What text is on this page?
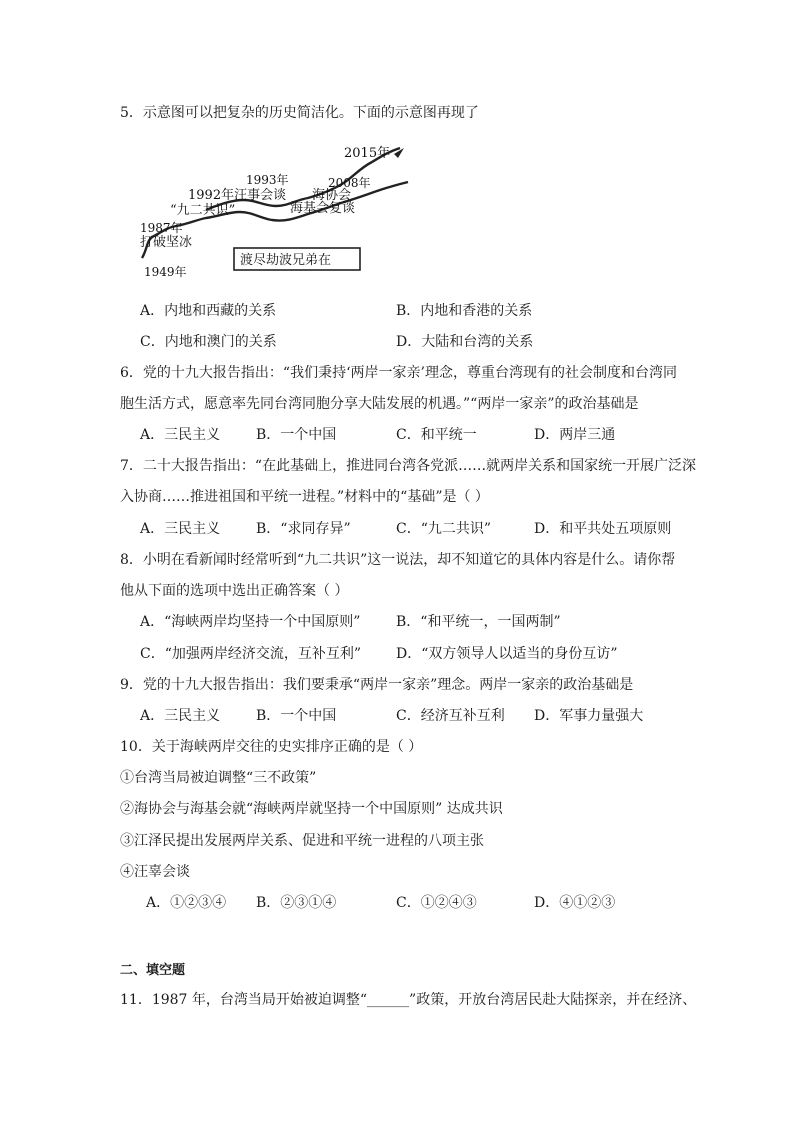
5．示意图可以把复杂的历史简洁化。下面的示意图再现了
2015年
2008年
1993年
1992年汪事会谈 海协会
“九二共识”	海基会复谈
1987年
打破坚冰
1949年
渡尽劫波兄弟在
A．内地和西藏的关系	B．内地和香港的关系
C．内地和澳门的关系	D．大陆和台湾的关系
6．党的十九大报告指出：“我们秉持‘两岸一家亲’理念，尊重台湾现有的社会制度和台湾同
胞生活方式，愿意率先同台湾同胞分享大陆发展的机遇。”“两岸一家亲”的政治基础是
A．三民主义	B．一个中国	C．和平统一	D．两岸三通
7．二十大报告指出：“在此基础上，推进同台湾各党派……就两岸关系和国家统一开展广泛深
入协商……推进祖国和平统一进程。”材料中的“基础”是（ ）
A．三民主义	B．“求同存异”	C．“九二共识”	D．和平共处五项原则
8．小明在看新闻时经常听到“九二共识”这一说法，却不知道它的具体内容是什么。请你帮
他从下面的选项中选出正确答案（ ）
A．“海峡两岸均坚持一个中国原则”	B．“和平统一，一国两制”
C．“加强两岸经济交流，互补互利” D．“双方领导人以适当的身份互访”
9．党的十九大报告指出：我们要秉承“两岸一家亲”理念。两岸一家亲的政治基础是
A．三民主义	B．一个中国	C．经济互补互利 D．军事力量强大
10．关于海峡两岸交往的史实排序正确的是（ ）
①台湾当局被迫调整“三不政策”
②海协会与海基会就“海峡两岸就坚持一个中国原则” 达成共识
③江泽民提出发展两岸关系、促进和平统一进程的八项主张
④汪辜会谈
A．①②③④ B．②③①④	C．①②④③	D．④①②③
二、填空题
11．1987 年，台湾当局开始被迫调整“______”政策，开放台湾居民赴大陆探亲，并在经济、
